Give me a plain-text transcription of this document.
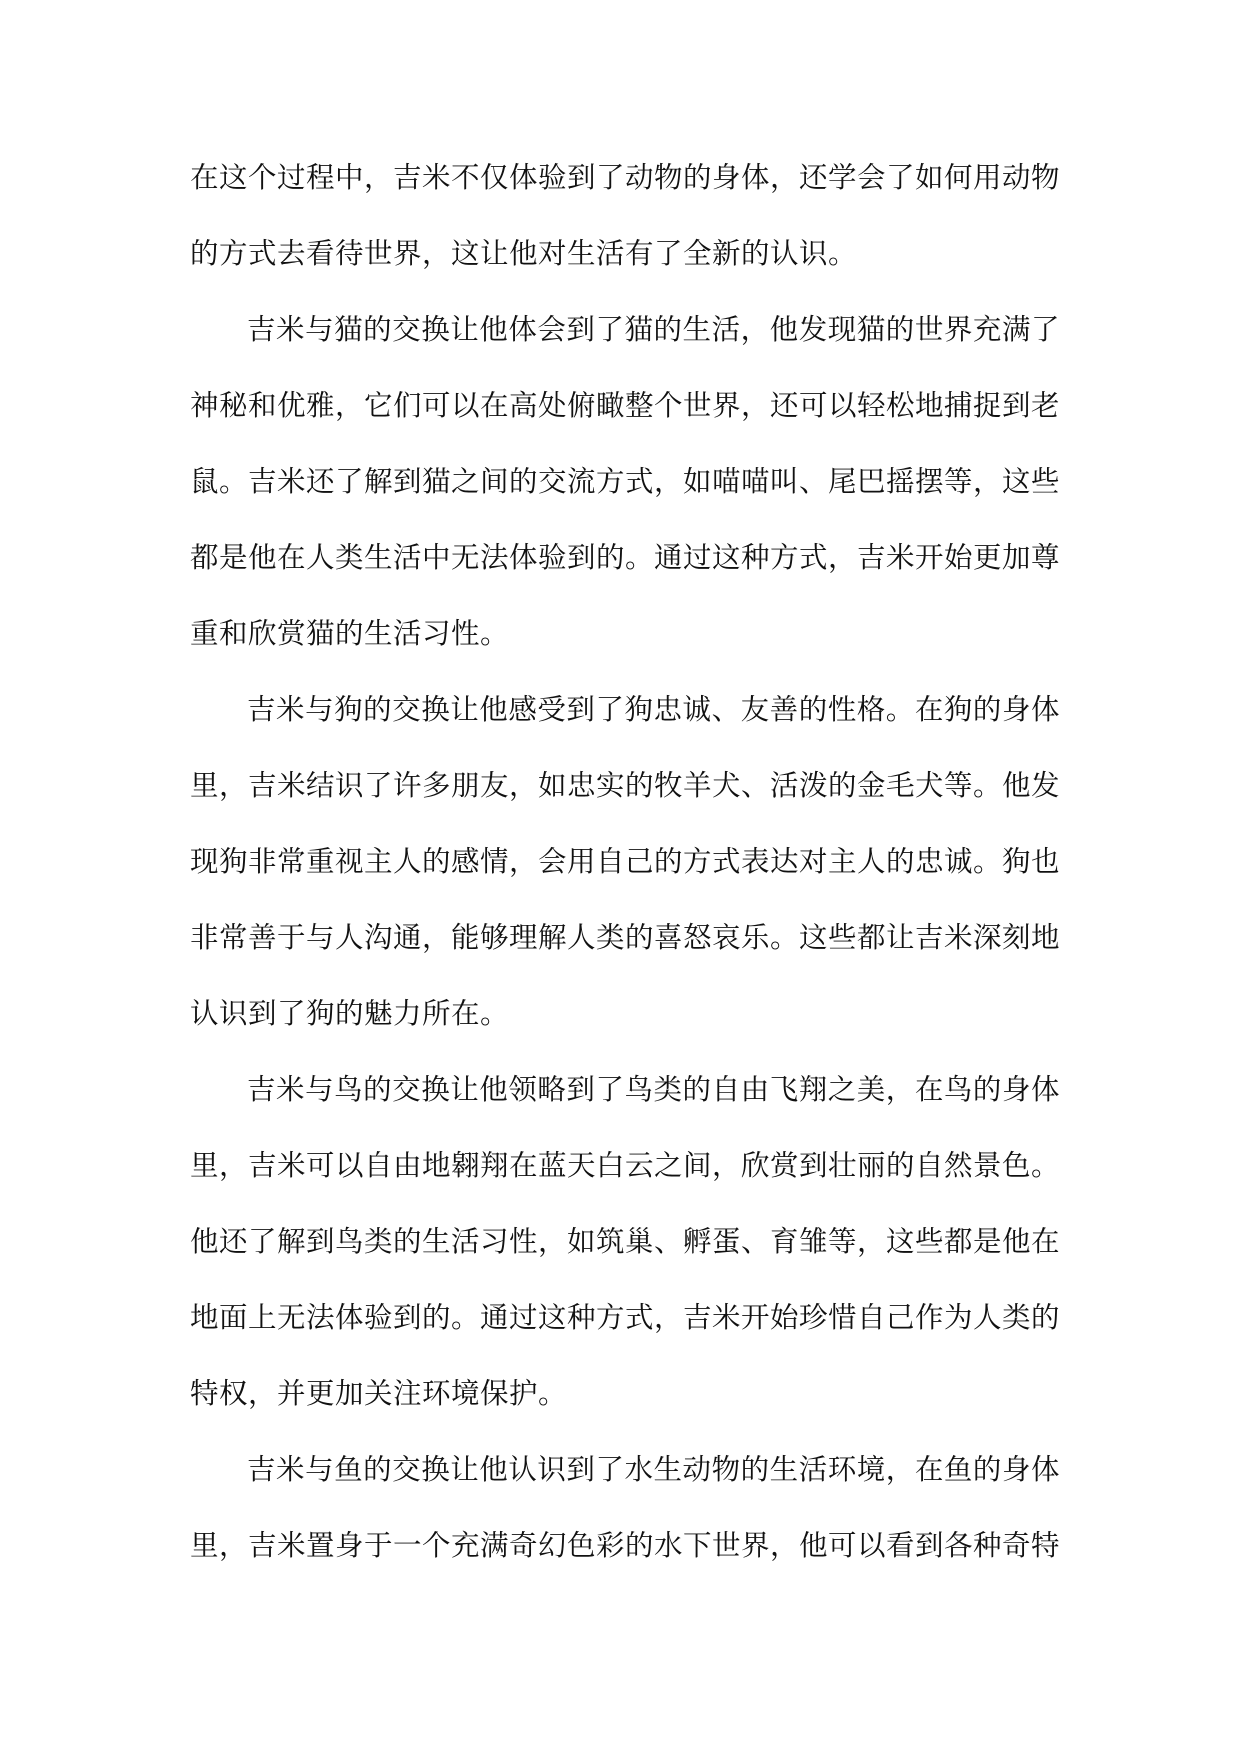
在这个过程中，吉米不仅体验到了动物的身体，还学会了如何用动物的方式去看待世界，这让他对生活有了全新的认识。

吉米与猫的交换让他体会到了猫的生活，他发现猫的世界充满了神秘和优雅，它们可以在高处俯瞰整个世界，还可以轻松地捕捉到老鼠。吉米还了解到猫之间的交流方式，如喵喵叫、尾巴摇摆等，这些都是他在人类生活中无法体验到的。通过这种方式，吉米开始更加尊重和欣赏猫的生活习性。

吉米与狗的交换让他感受到了狗忠诚、友善的性格。在狗的身体里，吉米结识了许多朋友，如忠实的牧羊犬、活泼的金毛犬等。他发现狗非常重视主人的感情，会用自己的方式表达对主人的忠诚。狗也非常善于与人沟通，能够理解人类的喜怒哀乐。这些都让吉米深刻地认识到了狗的魅力所在。

吉米与鸟的交换让他领略到了鸟类的自由飞翔之美，在鸟的身体里，吉米可以自由地翱翔在蓝天白云之间，欣赏到壮丽的自然景色。他还了解到鸟类的生活习性，如筑巢、孵蛋、育雏等，这些都是他在地面上无法体验到的。通过这种方式，吉米开始珍惜自己作为人类的特权，并更加关注环境保护。

吉米与鱼的交换让他认识到了水生动物的生活环境，在鱼的身体里，吉米置身于一个充满奇幻色彩的水下世界，他可以看到各种奇特
